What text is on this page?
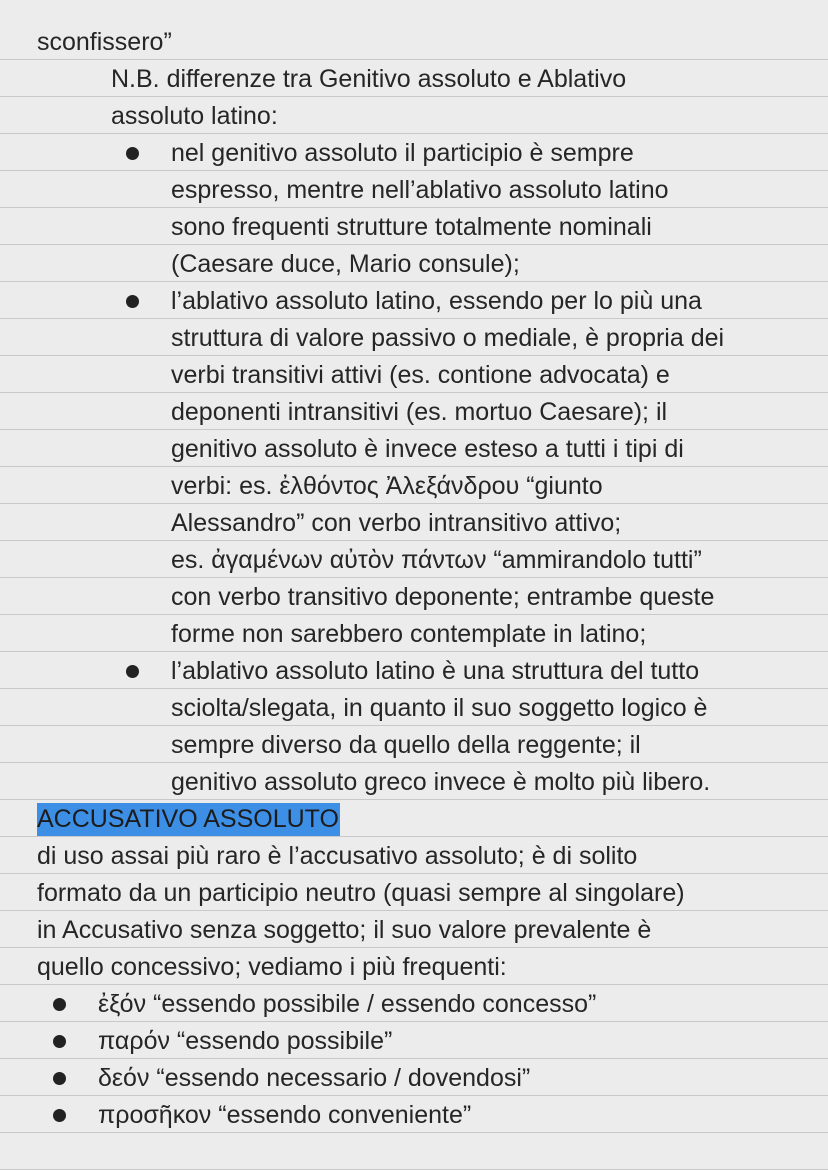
sconfissero”
N.B. differenze tra Genitivo assoluto e Ablativo
assoluto latino:
nel genitivo assoluto il participio è sempre
espresso, mentre nell’ablativo assoluto latino
sono frequenti strutture totalmente nominali
(Caesare duce, Mario consule);
l’ablativo assoluto latino, essendo per lo più una
struttura di valore passivo o mediale, è propria dei
verbi transitivi attivi (es. contione advocata) e
deponenti intransitivi (es. mortuo Caesare); il
genitivo assoluto è invece esteso a tutti i tipi di
verbi: es. ἐλθόντος Ἀλεξάνδρου “giunto
Alessandro” con verbo intransitivo attivo;
es. ἀγαμένων αὐτὸν πάντων “ammirandolo tutti”
con verbo transitivo deponente; entrambe queste
forme non sarebbero contemplate in latino;
l’ablativo assoluto latino è una struttura del tutto
sciolta/slegata, in quanto il suo soggetto logico è
sempre diverso da quello della reggente; il
genitivo assoluto greco invece è molto più libero.
ACCUSATIVO ASSOLUTO
di uso assai più raro è l’accusativo assoluto; è di solito
formato da un participio neutro (quasi sempre al singolare)
in Accusativo senza soggetto; il suo valore prevalente è
quello concessivo; vediamo i più frequenti:
ἐξόν “essendo possibile / essendo concesso”
παρόν “essendo possibile”
δεόν “essendo necessario / dovendosi”
προσῆκον “essendo conveniente”
